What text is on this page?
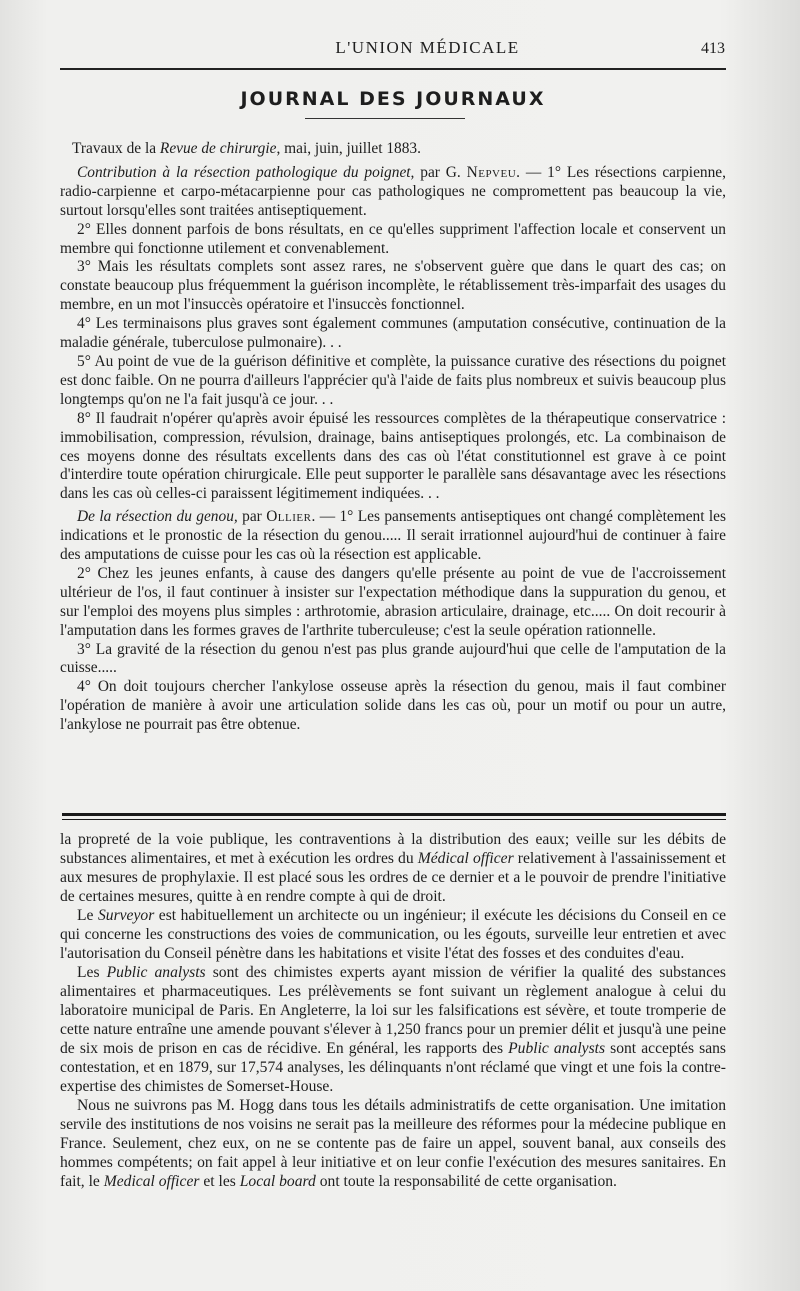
L'UNION MÉDICALE	413
JOURNAL DES JOURNAUX

Travaux de la Revue de chirurgie, mai, juin, juillet 1883.

Contribution à la résection pathologique du poignet, par G. Nepveu. — 1° Les résections carpienne, radio-carpienne et carpo-métacarpienne pour cas pathologiques ne compromettent pas beaucoup la vie, surtout lorsqu'elles sont traitées antiseptiquement.

2° Elles donnent parfois de bons résultats, en ce qu'elles suppriment l'affection locale et conservent un membre qui fonctionne utilement et convenablement.

3° Mais les résultats complets sont assez rares, ne s'observent guère que dans le quart des cas; on constate beaucoup plus fréquemment la guérison incomplète, le rétablissement très-imparfait des usages du membre, en un mot l'insuccès opératoire et l'insuccès fonctionnel.

4° Les terminaisons plus graves sont également communes (amputation consécutive, continuation de la maladie générale, tuberculose pulmonaire). . .

5° Au point de vue de la guérison définitive et complète, la puissance curative des résections du poignet est donc faible. On ne pourra d'ailleurs l'apprécier qu'à l'aide de faits plus nombreux et suivis beaucoup plus longtemps qu'on ne l'a fait jusqu'à ce jour. . .

8° Il faudrait n'opérer qu'après avoir épuisé les ressources complètes de la thérapeutique conservatrice : immobilisation, compression, révulsion, drainage, bains antiseptiques prolongés, etc. La combinaison de ces moyens donne des résultats excellents dans des cas où l'état constitutionnel est grave à ce point d'interdire toute opération chirurgicale. Elle peut supporter le parallèle sans désavantage avec les résections dans les cas où celles-ci paraissent légitimement indiquées. . .

De la résection du genou, par Ollier. — 1° Les pansements antiseptiques ont changé complètement les indications et le pronostic de la résection du genou..... Il serait irrationnel aujourd'hui de continuer à faire des amputations de cuisse pour les cas où la résection est applicable.

2° Chez les jeunes enfants, à cause des dangers qu'elle présente au point de vue de l'accroissement ultérieur de l'os, il faut continuer à insister sur l'expectation méthodique dans la suppuration du genou, et sur l'emploi des moyens plus simples : arthrotomie, abrasion articulaire, drainage, etc..... On doit recourir à l'amputation dans les formes graves de l'arthrite tuberculeuse; c'est la seule opération rationnelle.

3° La gravité de la résection du genou n'est pas plus grande aujourd'hui que celle de l'amputation de la cuisse.....

4° On doit toujours chercher l'ankylose osseuse après la résection du genou, mais il faut combiner l'opération de manière à avoir une articulation solide dans les cas où, pour un motif ou pour un autre, l'ankylose ne pourrait pas être obtenue.

la propreté de la voie publique, les contraventions à la distribution des eaux; veille sur les débits de substances alimentaires, et met à exécution les ordres du Médical officer relativement à l'assainissement et aux mesures de prophylaxie. Il est placé sous les ordres de ce dernier et a le pouvoir de prendre l'initiative de certaines mesures, quitte à en rendre compte à qui de droit.

Le Surveyor est habituellement un architecte ou un ingénieur; il exécute les décisions du Conseil en ce qui concerne les constructions des voies de communication, ou les égouts, surveille leur entretien et avec l'autorisation du Conseil pénètre dans les habitations et visite l'état des fosses et des conduites d'eau.

Les Public analysts sont des chimistes experts ayant mission de vérifier la qualité des substances alimentaires et pharmaceutiques. Les prélèvements se font suivant un règlement analogue à celui du laboratoire municipal de Paris. En Angleterre, la loi sur les falsifications est sévère, et toute tromperie de cette nature entraîne une amende pouvant s'élever à 1,250 francs pour un premier délit et jusqu'à une peine de six mois de prison en cas de récidive. En général, les rapports des Public analysts sont acceptés sans contestation, et en 1879, sur 17,574 analyses, les délinquants n'ont réclamé que vingt et une fois la contre-expertise des chimistes de Somerset-House.

Nous ne suivrons pas M. Hogg dans tous les détails administratifs de cette organisation. Une imitation servile des institutions de nos voisins ne serait pas la meilleure des réformes pour la médecine publique en France. Seulement, chez eux, on ne se contente pas de faire un appel, souvent banal, aux conseils des hommes compétents; on fait appel à leur initiative et on leur confie l'exécution des mesures sanitaires. En fait, le Medical officer et les Local board ont toute la responsabilité de cette organisation.
